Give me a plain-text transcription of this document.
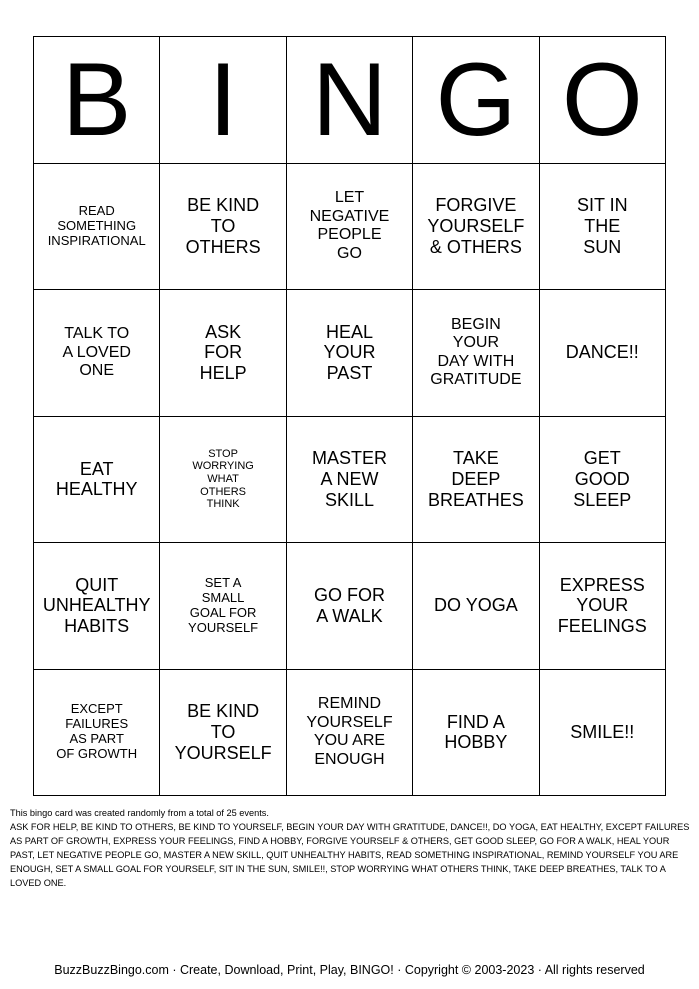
B I N G O
READ
SOMETHING
INSPIRATIONAL
BE KIND
TO
OTHERS
LET
NEGATIVE
PEOPLE
GO
FORGIVE
YOURSELF
& OTHERS
SIT IN
THE
SUN
TALK TO
A LOVED
ONE
ASK
FOR
HELP
HEAL
YOUR
PAST
BEGIN
YOUR
DAY WITH
GRATITUDE
DANCE!!
EAT
HEALTHY
STOP
WORRYING
WHAT
OTHERS
THINK
MASTER
A NEW
SKILL
TAKE
DEEP
BREATHES
GET
GOOD
SLEEP
QUIT
UNHEALTHY
HABITS
SET A
SMALL
GOAL FOR
YOURSELF
GO FOR
A WALK
DO YOGA
EXPRESS
YOUR
FEELINGS
EXCEPT
FAILURES
AS PART
OF GROWTH
BE KIND
TO
YOURSELF
REMIND
YOURSELF
YOU ARE
ENOUGH
FIND A
HOBBY
SMILE!!

This bingo card was created randomly from a total of 25 events.

ASK FOR HELP, BE KIND TO OTHERS, BE KIND TO YOURSELF, BEGIN YOUR DAY WITH GRATITUDE, DANCE!!, DO YOGA, EAT HEALTHY, EXCEPT FAILURES AS PART OF GROWTH, EXPRESS YOUR FEELINGS, FIND A HOBBY, FORGIVE YOURSELF & OTHERS, GET GOOD SLEEP, GO FOR A WALK, HEAL YOUR PAST, LET NEGATIVE PEOPLE GO, MASTER A NEW SKILL, QUIT UNHEALTHY HABITS, READ SOMETHING INSPIRATIONAL, REMIND YOURSELF YOU ARE ENOUGH, SET A SMALL GOAL FOR YOURSELF, SIT IN THE SUN, SMILE!!, STOP WORRYING WHAT OTHERS THINK, TAKE DEEP BREATHES, TALK TO A LOVED ONE.

BuzzBuzzBingo.com · Create, Download, Print, Play, BINGO! · Copyright © 2003-2023 · All rights reserved
